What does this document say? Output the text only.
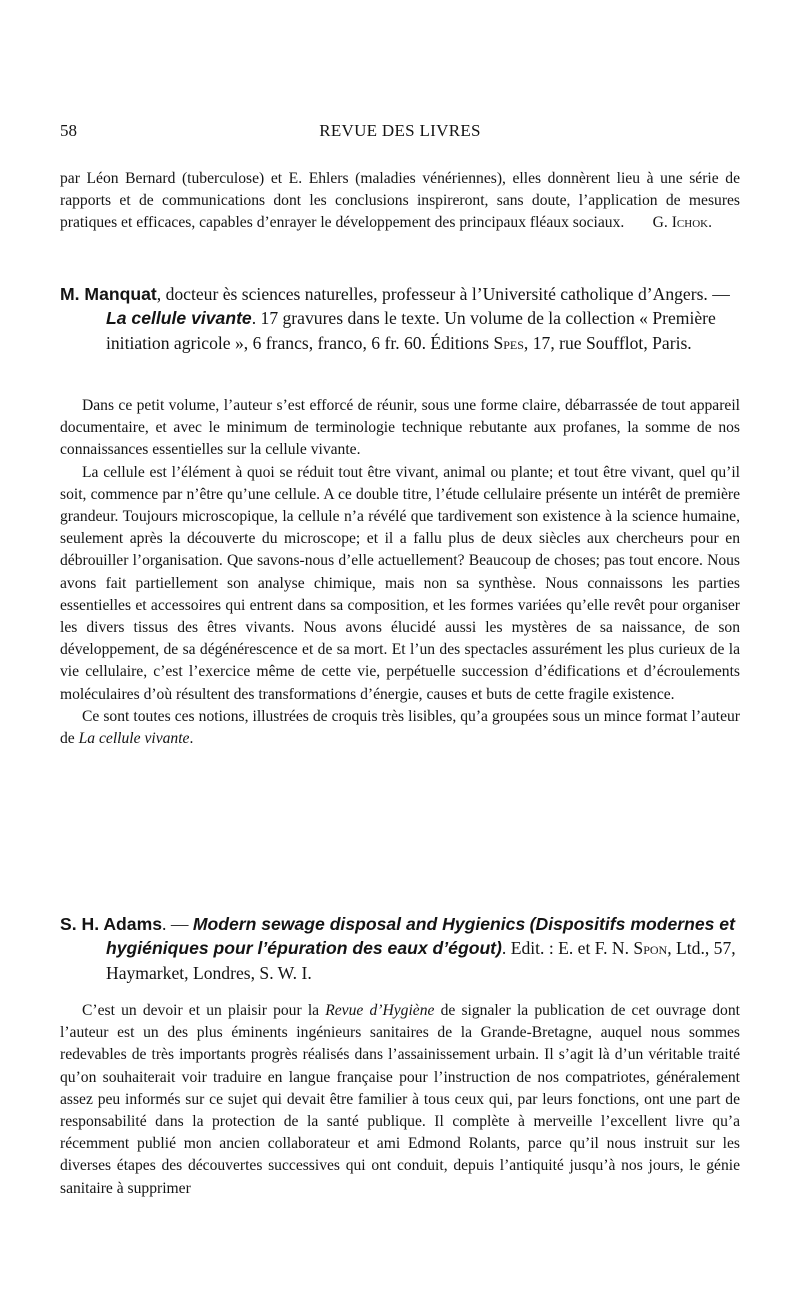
58	REVUE DES LIVRES

par Léon Bernard (tuberculose) et E. Ehlers (maladies vénériennes), elles donnèrent lieu à une série de rapports et de communications dont les conclusions inspireront, sans doute, l’application de mesures pratiques et efficaces, capables d’enrayer le développement des principaux fléaux sociaux. G. Ichok.

M. Manquat, docteur ès sciences naturelles, professeur à l’Université catholique d’Angers. — La cellule vivante. 17 gravures dans le texte. Un volume de la collection « Première initiation agricole », 6 francs, franco, 6 fr. 60. Éditions Spes, 17, rue Soufflot, Paris.

Dans ce petit volume, l’auteur s’est efforcé de réunir, sous une forme claire, débarrassée de tout appareil documentaire, et avec le minimum de terminologie technique rebutante aux profanes, la somme de nos connaissances essentielles sur la cellule vivante.

La cellule est l’élément à quoi se réduit tout être vivant, animal ou plante; et tout être vivant, quel qu’il soit, commence par n’être qu’une cellule. A ce double titre, l’étude cellulaire présente un intérêt de première grandeur. Toujours microscopique, la cellule n’a révélé que tardivement son existence à la science humaine, seulement après la découverte du microscope; et il a fallu plus de deux siècles aux chercheurs pour en débrouiller l’organisation. Que savons-nous d’elle actuellement? Beaucoup de choses; pas tout encore. Nous avons fait partiellement son analyse chimique, mais non sa synthèse. Nous connaissons les parties essentielles et accessoires qui entrent dans sa composition, et les formes variées qu’elle revêt pour organiser les divers tissus des êtres vivants. Nous avons élucidé aussi les mystères de sa naissance, de son développement, de sa dégénérescence et de sa mort. Et l’un des spectacles assurément les plus curieux de la vie cellulaire, c’est l’exercice même de cette vie, perpétuelle succession d’édifications et d’écroulements moléculaires d’où résultent des transformations d’énergie, causes et buts de cette fragile existence.

Ce sont toutes ces notions, illustrées de croquis très lisibles, qu’a groupées sous un mince format l’auteur de La cellule vivante.

S. H. Adams. — Modern sewage disposal and Hygienics (Dispositifs modernes et hygiéniques pour l’épuration des eaux d’égout). Edit. : E. et F. N. Spon, Ltd., 57, Haymarket, Londres, S. W. I.

C’est un devoir et un plaisir pour la Revue d’Hygiène de signaler la publication de cet ouvrage dont l’auteur est un des plus éminents ingénieurs sanitaires de la Grande-Bretagne, auquel nous sommes redevables de très importants progrès réalisés dans l’assainissement urbain. Il s’agit là d’un véritable traité qu’on souhaiterait voir traduire en langue française pour l’instruction de nos compatriotes, généralement assez peu informés sur ce sujet qui devait être familier à tous ceux qui, par leurs fonctions, ont une part de responsabilité dans la protection de la santé publique. Il complète à merveille l’excellent livre qu’a récemment publié mon ancien collaborateur et ami Edmond Rolants, parce qu’il nous instruit sur les diverses étapes des découvertes successives qui ont conduit, depuis l’antiquité jusqu’à nos jours, le génie sanitaire à supprimer
